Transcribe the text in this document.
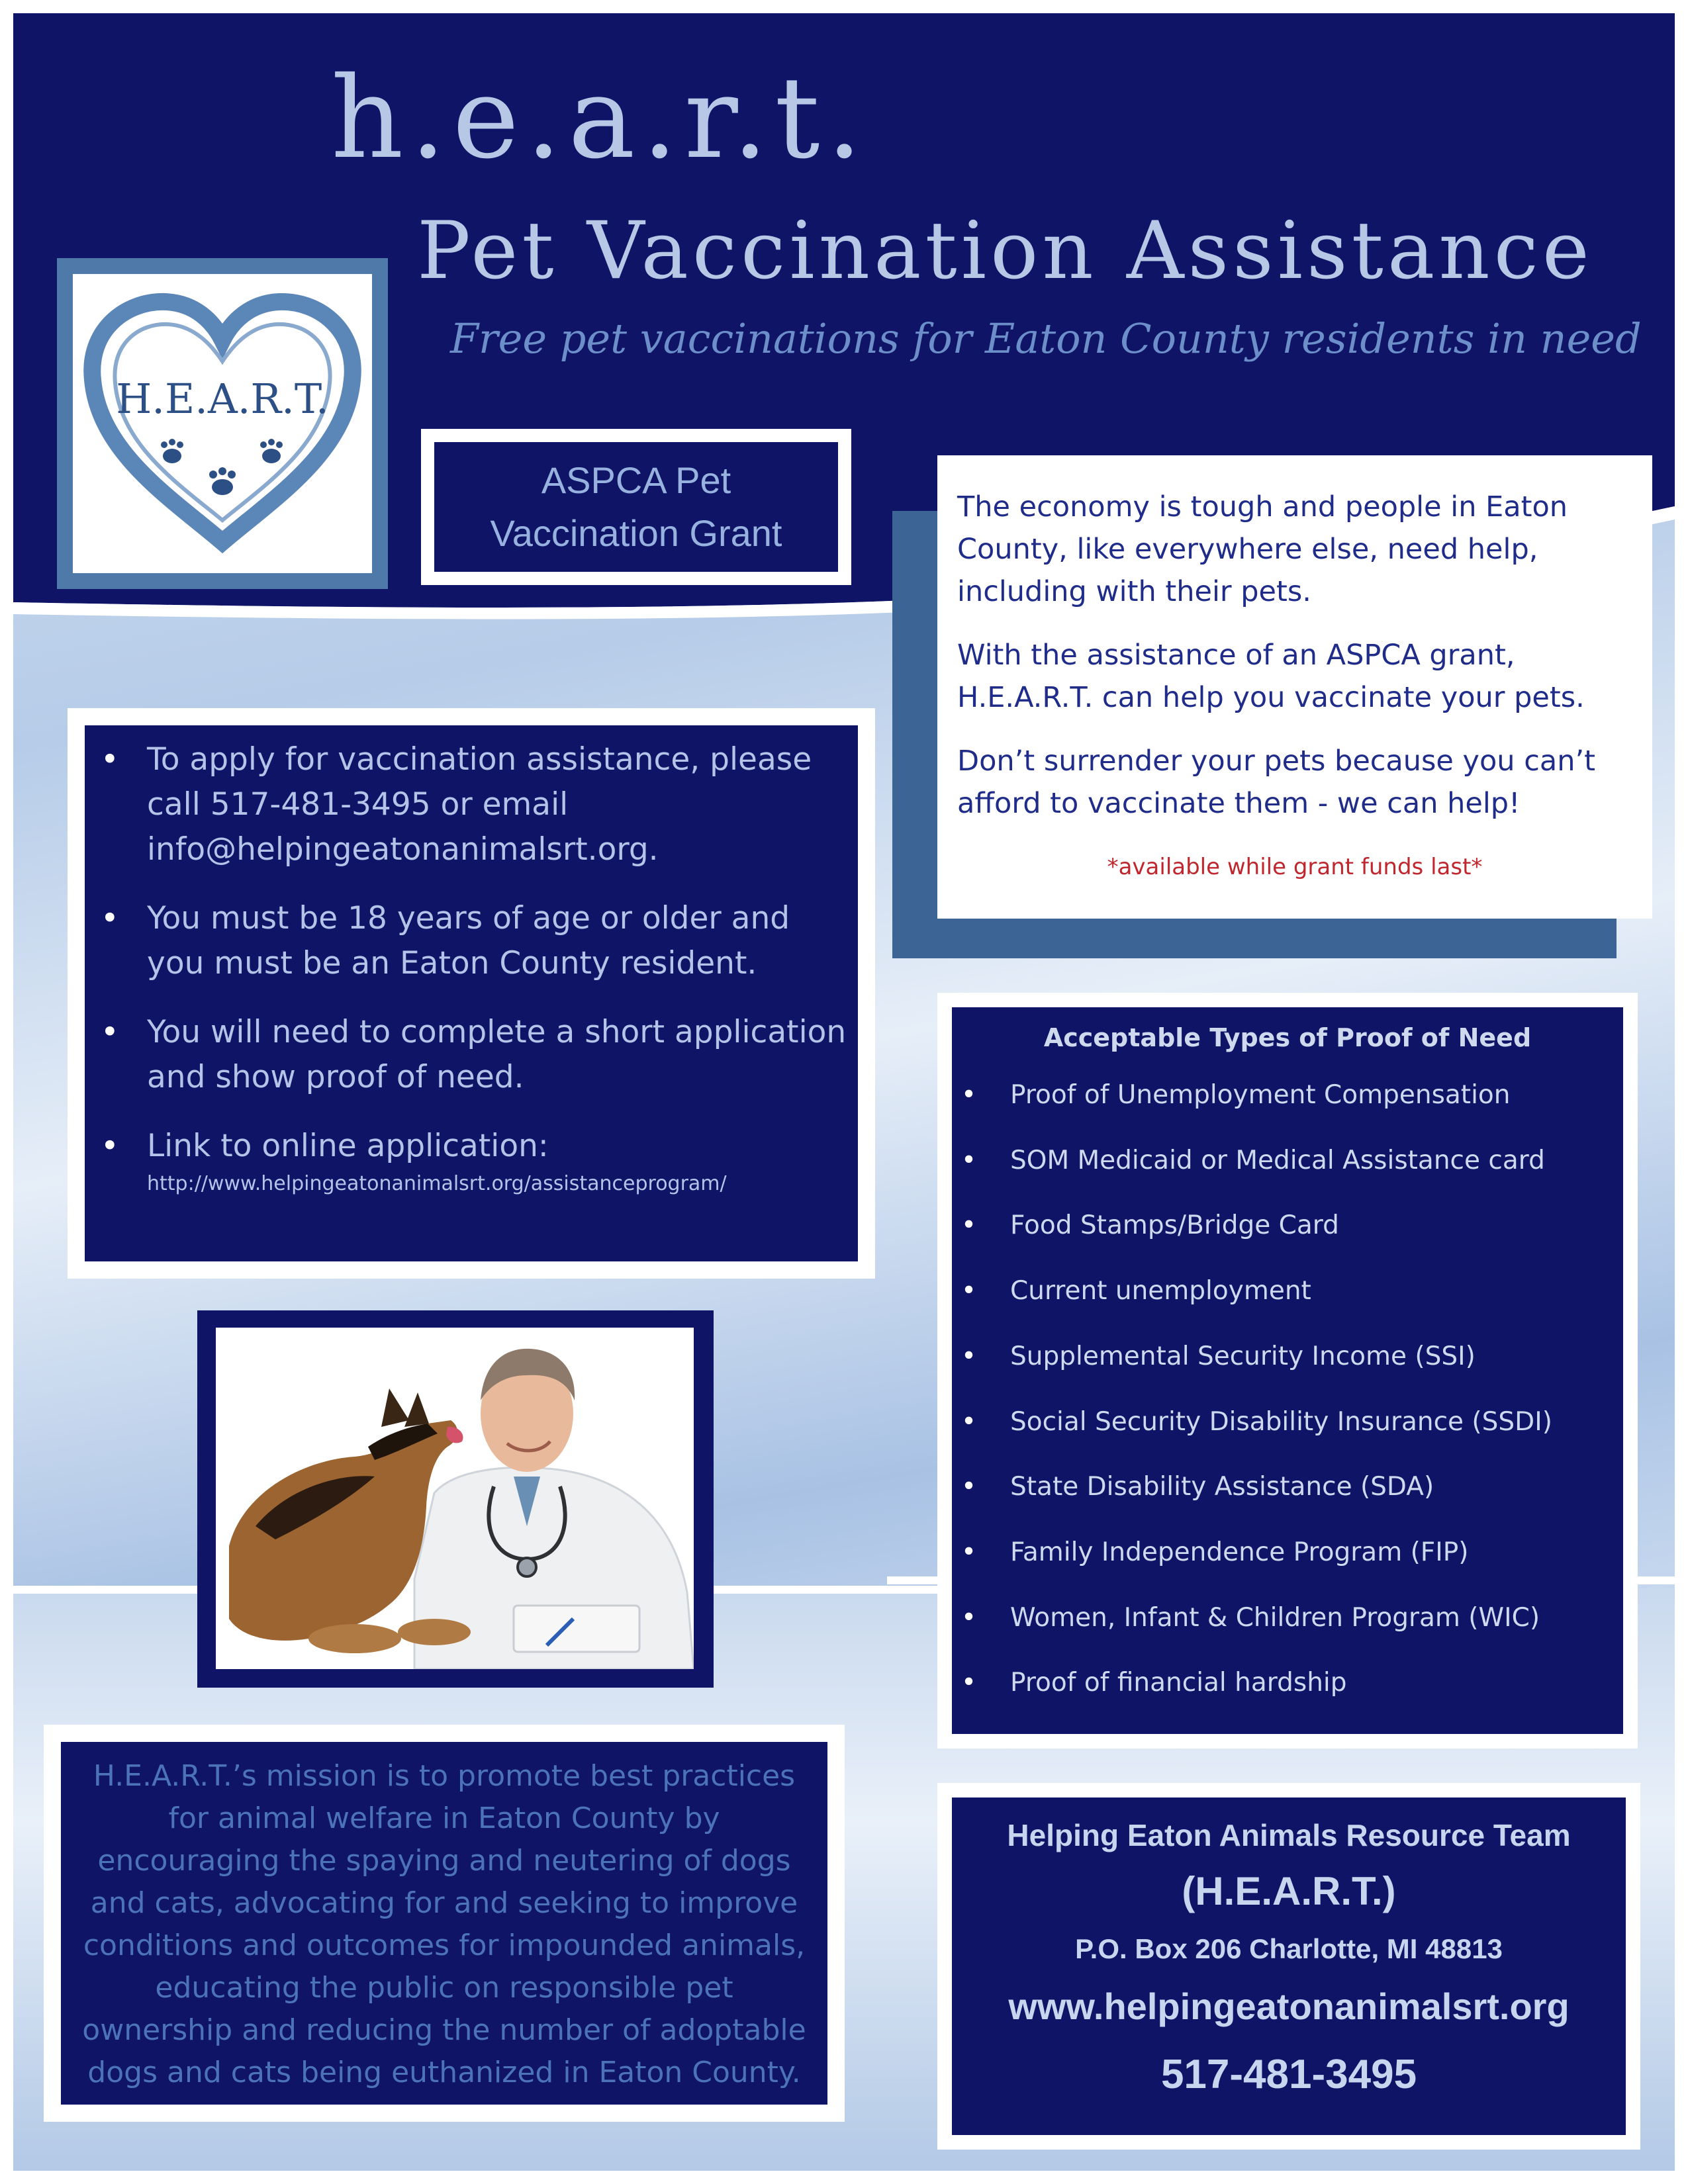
h.e.a.r.t.
Pet Vaccination Assistance
Free pet vaccinations for Eaton County residents in need
H.E.A.R.T.
ASPCA Pet
Vaccination Grant

The economy is tough and people in Eaton County, like everywhere else, need help, including with their pets.

With the assistance of an ASPCA grant, H.E.A.R.T. can help you vaccinate your pets.

Don’t surrender your pets because you can’t afford to vaccinate them - we can help!

*available while grant funds last*

• To apply for vaccination assistance, please call 517-481-3495 or email info@helpingeatonanimalsrt.org.
• You must be 18 years of age or older and you must be an Eaton County resident.
• You will need to complete a short application and show proof of need.
• Link to online application:
http://www.helpingeatonanimalsrt.org/assistanceprogram/

Acceptable Types of Proof of Need

• Proof of Unemployment Compensation
• SOM Medicaid or Medical Assistance card
• Food Stamps/Bridge Card
• Current unemployment
• Supplemental Security Income (SSI)
• Social Security Disability Insurance (SSDI)
• State Disability Assistance (SDA)
• Family Independence Program (FIP)
• Women, Infant & Children Program (WIC)
• Proof of financial hardship

H.E.A.R.T.’s mission is to promote best practices for animal welfare in Eaton County by encouraging the spaying and neutering of dogs and cats, advocating for and seeking to improve conditions and outcomes for impounded animals, educating the public on responsible pet ownership and reducing the number of adoptable dogs and cats being euthanized in Eaton County.

Helping Eaton Animals Resource Team
(H.E.A.R.T.)
P.O. Box 206 Charlotte, MI 48813
www.helpingeatonanimalsrt.org
517-481-3495
